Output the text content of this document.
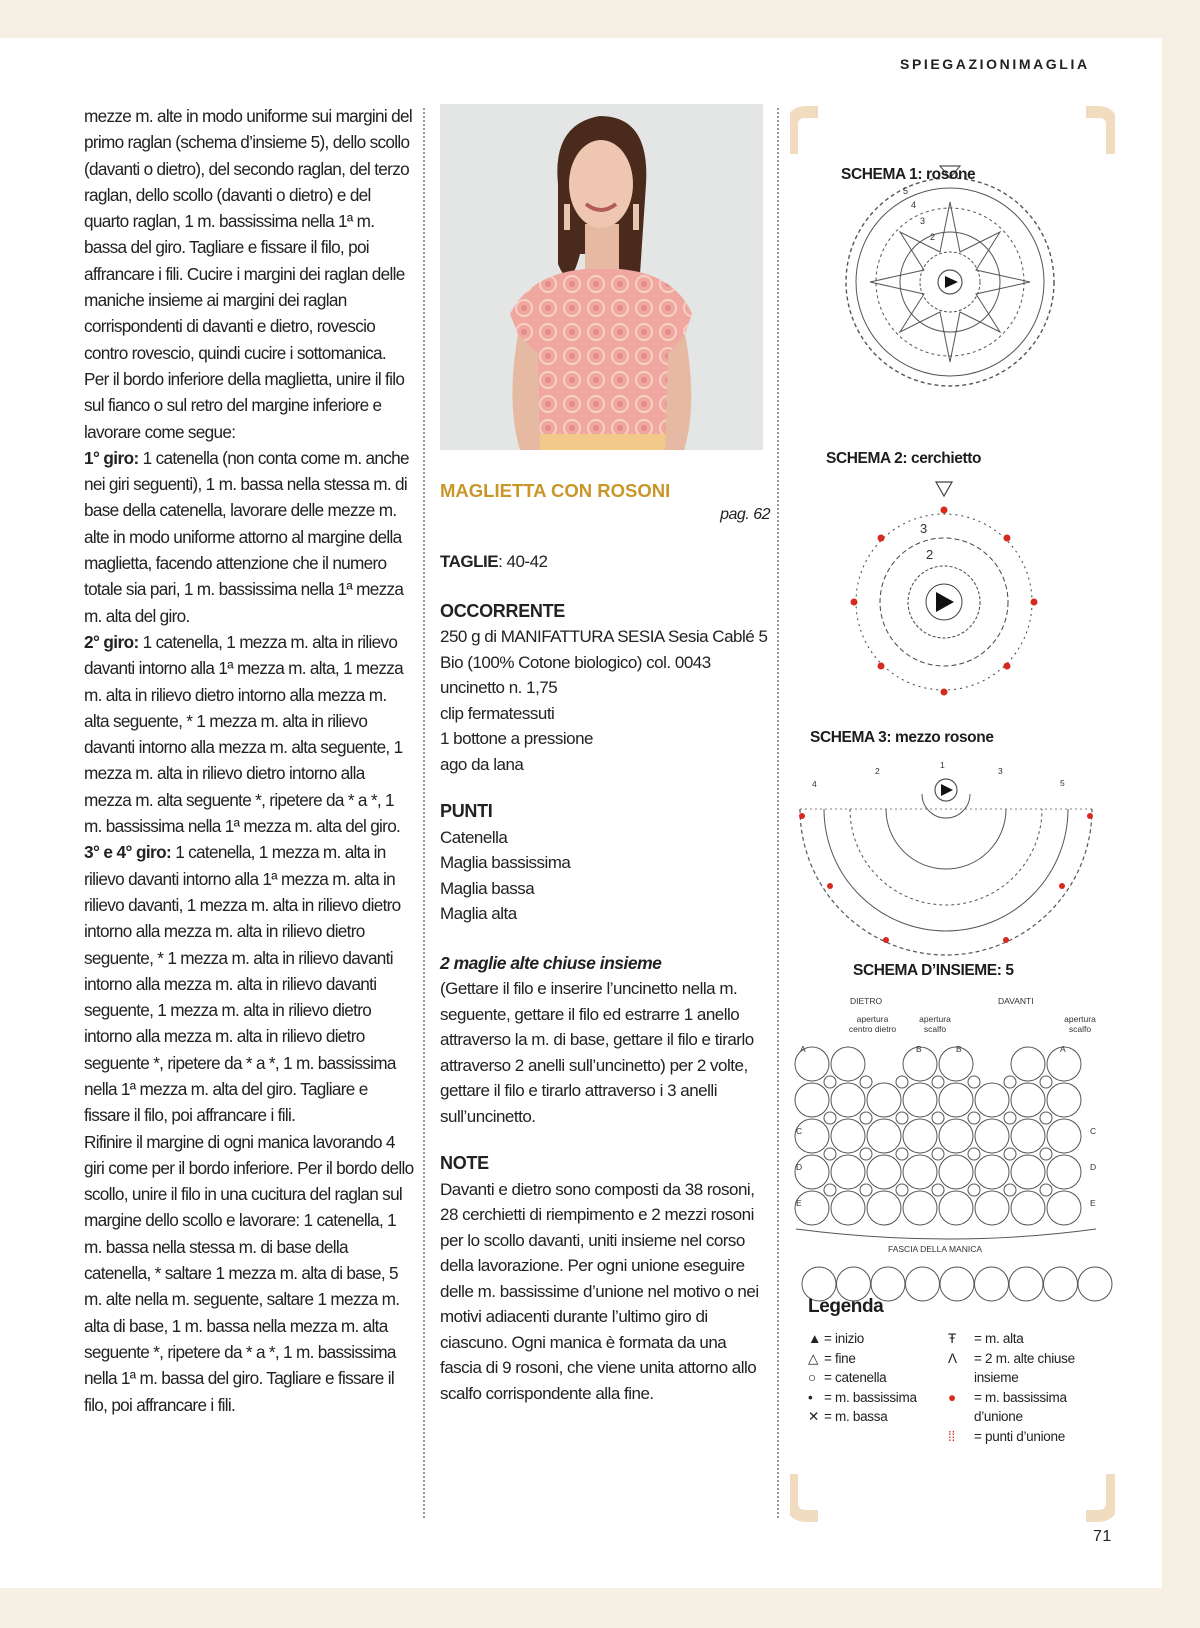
SPIEGAZIONIMAGLIA

mezze m. alte in modo uniforme sui margini del primo raglan (schema d’insieme 5), dello scollo (davanti o dietro), del secondo raglan, del terzo raglan, dello scollo (davanti o dietro) e del quarto raglan, 1 m. bassissima nella 1ª m. bassa del giro. Tagliare e fissare il filo, poi affrancare i fili. Cucire i margini dei raglan delle maniche insieme ai margini dei raglan corrispondenti di davanti e dietro, rovescio contro rovescio, quindi cucire i sottomanica.

Per il bordo inferiore della maglietta, unire il filo sul fianco o sul retro del margine inferiore e lavorare come segue:

1° giro: 1 catenella (non conta come m. anche nei giri seguenti), 1 m. bassa nella stessa m. di base della catenella, lavorare delle mezze m. alte in modo uniforme attorno al margine della maglietta, facendo attenzione che il numero totale sia pari, 1 m. bassissima nella 1ª mezza m. alta del giro.

2° giro: 1 catenella, 1 mezza m. alta in rilievo davanti intorno alla 1ª mezza m. alta, 1 mezza m. alta in rilievo dietro intorno alla mezza m. alta seguente, * 1 mezza m. alta in rilievo davanti intorno alla mezza m. alta seguente, 1 mezza m. alta in rilievo dietro intorno alla mezza m. alta seguente *, ripetere da * a *, 1 m. bassissima nella 1ª mezza m. alta del giro.

3° e 4° giro: 1 catenella, 1 mezza m. alta in rilievo davanti intorno alla 1ª mezza m. alta in rilievo davanti, 1 mezza m. alta in rilievo dietro intorno alla mezza m. alta in rilievo dietro seguente, * 1 mezza m. alta in rilievo davanti intorno alla mezza m. alta in rilievo davanti seguente, 1 mezza m. alta in rilievo dietro intorno alla mezza m. alta in rilievo dietro seguente *, ripetere da * a *, 1 m. bassissima nella 1ª mezza m. alta del giro. Tagliare e fissare il filo, poi affrancare i fili.

Rifinire il margine di ogni manica lavorando 4 giri come per il bordo inferiore. Per il bordo dello scollo, unire il filo in una cucitura del raglan sul margine dello scollo e lavorare: 1 catenella, 1 m. bassa nella stessa m. di base della catenella, * saltare 1 mezza m. alta di base, 5 m. alte nella m. seguente, saltare 1 mezza m. alta di base, 1 m. bassa nella mezza m. alta seguente *, ripetere da * a *, 1 m. bassissima nella 1ª m. bassa del giro. Tagliare e fissare il filo, poi affrancare i fili.

MAGLIETTA CON ROSONI
pag. 62
TAGLIE: 40-42
OCCORRENTE
250 g di MANIFATTURA SESIA Sesia Cablé 5 Bio (100% Cotone biologico) col. 0043
uncinetto n. 1,75
clip fermatessuti
1 bottone a pressione
ago da lana
PUNTI
Catenella
Maglia bassissima
Maglia bassa
Maglia alta
2 maglie alte chiuse insieme
(Gettare il filo e inserire l’uncinetto nella m. seguente, gettare il filo ed estrarre 1 anello attraverso la m. di base, gettare il filo e tirarlo attraverso 2 anelli sull’uncinetto) per 2 volte, gettare il filo e tirarlo attraverso i 3 anelli sull’uncinetto.
NOTE
Davanti e dietro sono composti da 38 rosoni, 28 cerchietti di riempimento e 2 mezzi rosoni per lo scollo davanti, uniti insieme nel corso della lavorazione. Per ogni unione eseguire delle m. bassissime d’unione nel motivo o nei motivi adiacenti durante l’ultimo giro di ciascuno. Ogni manica è formata da una fascia di 9 rosoni, che viene unita attorno allo scalfo corrispondente alla fine.
SCHEMA 1: rosone
5
4
3
2
SCHEMA 2: cerchietto
3
2
SCHEMA 3: mezzo rosone
1
2	3
4	5
SCHEMA D’INSIEME: 5
DIETRO	DAVANTI
apertura centro dietro
apertura scalfo
apertura scalfo
A	B	B	A
C	C
D	D
E	E
FASCIA DELLA MANICA
Legenda
▲ = inizio
△ = fine
○ = catenella
• = m. bassissima
✕ = m. bassa
Ŧ = m. alta
Λ = 2 m. alte chiuse insieme
● = m. bassissima d’unione
⁞⁞ = punti d’unione
71
